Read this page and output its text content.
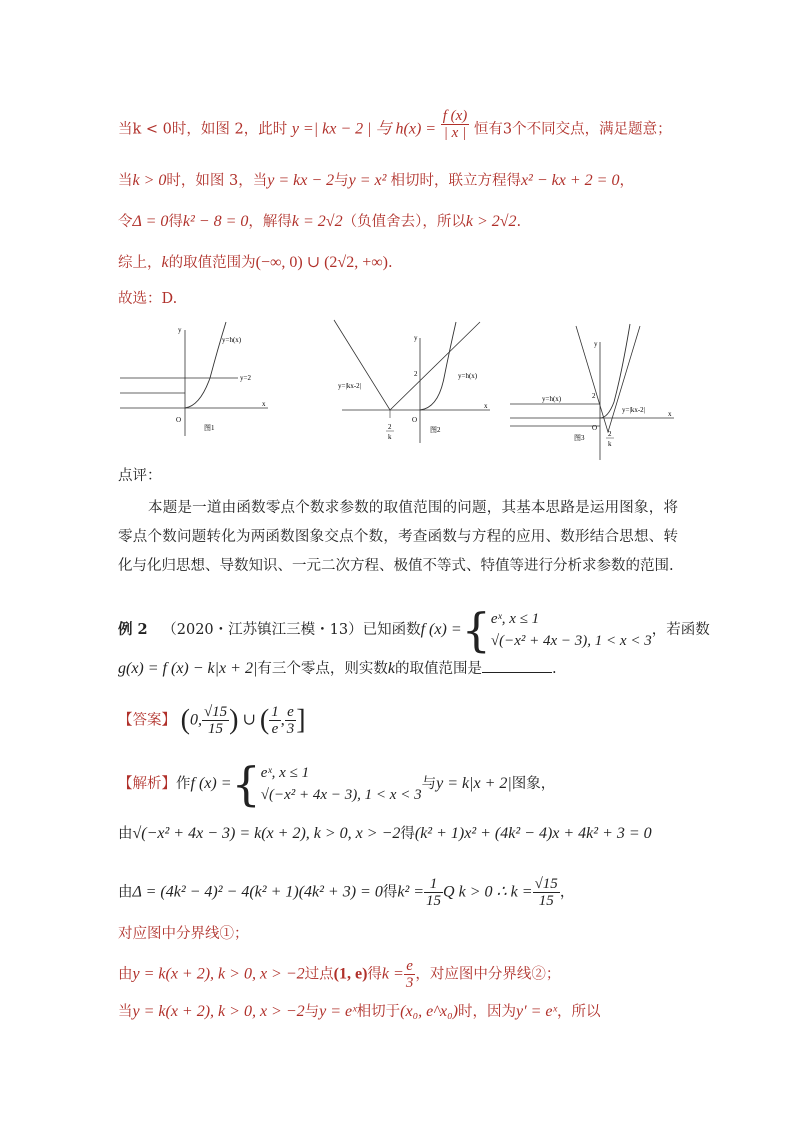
当k < 0时，如图 2，此时 y =| kx − 2 | 与 $h(x) = \frac{f (x)}{| x |}$ 恒有3个不同交点，满足题意；
当k > 0时，如图 3，当y = kx − 2与y = x² 相切时，联立方程得x² − kx + 2 = 0，
令Δ = 0得k² − 8 = 0，解得k = 2√2（负值舍去），所以k > 2√2.
综上，k的取值范围为(−∞, 0) ∪ (2√2, +∞).
故选：D.
y=h(x)
y=2
y
x
O
图1
y=|kx-2|
y=h(x)
2
2
k
y
x
O
图2
y=h(x)
y=|kx-2|
2
2
k
y
x
O
图3
点评：
本题是一道由函数零点个数求参数的取值范围的问题，其基本思路是运用图象，将零点个数问题转化为两函数图象交点个数，考查函数与方程的应用、数形结合思想、转化与化归思想、导数知识、一元二次方程、极值不等式、特值等进行分析求参数的范围.
例 2 （2020・江苏镇江三模・13）已知函数f (x) ={ eˣ, x ≤ 1
√(−x² + 4x − 3), 1 < x < 3
，若函数
g(x) = f (x) − k|x + 2|有三个零点，则实数k的取值范围是	.
【答案】 (0, $\frac{√15}{15}$ ) ∪ ( $\frac{1}{e}$ , $\frac{e}{3}$ ]
【解析】作f (x) ={ eˣ, x ≤ 1
√(−x² + 4x − 3), 1 < x < 3
与y = k|x + 2|图象，
由√(−x² + 4x − 3) = k(x + 2), k > 0, x > −2得(k² + 1)x² + (4k² − 4)x + 4k² + 3 = 0
由Δ = (4k² − 4)² − 4(k² + 1)(4k² + 3) = 0得$k^2 = \frac{1}{15}$ Q k > 0 ∴ $k = \frac{√15}{15}$ ，
对应图中分界线①；
由y = k(x + 2), k > 0, x > −2过点(1, e)得$k = \frac{e}{3}$ ，对应图中分界线②；
当y = k(x + 2), k > 0, x > −2与y = eˣ相切于(x₀, e^x₀)时，因为y′ = eˣ，所以
